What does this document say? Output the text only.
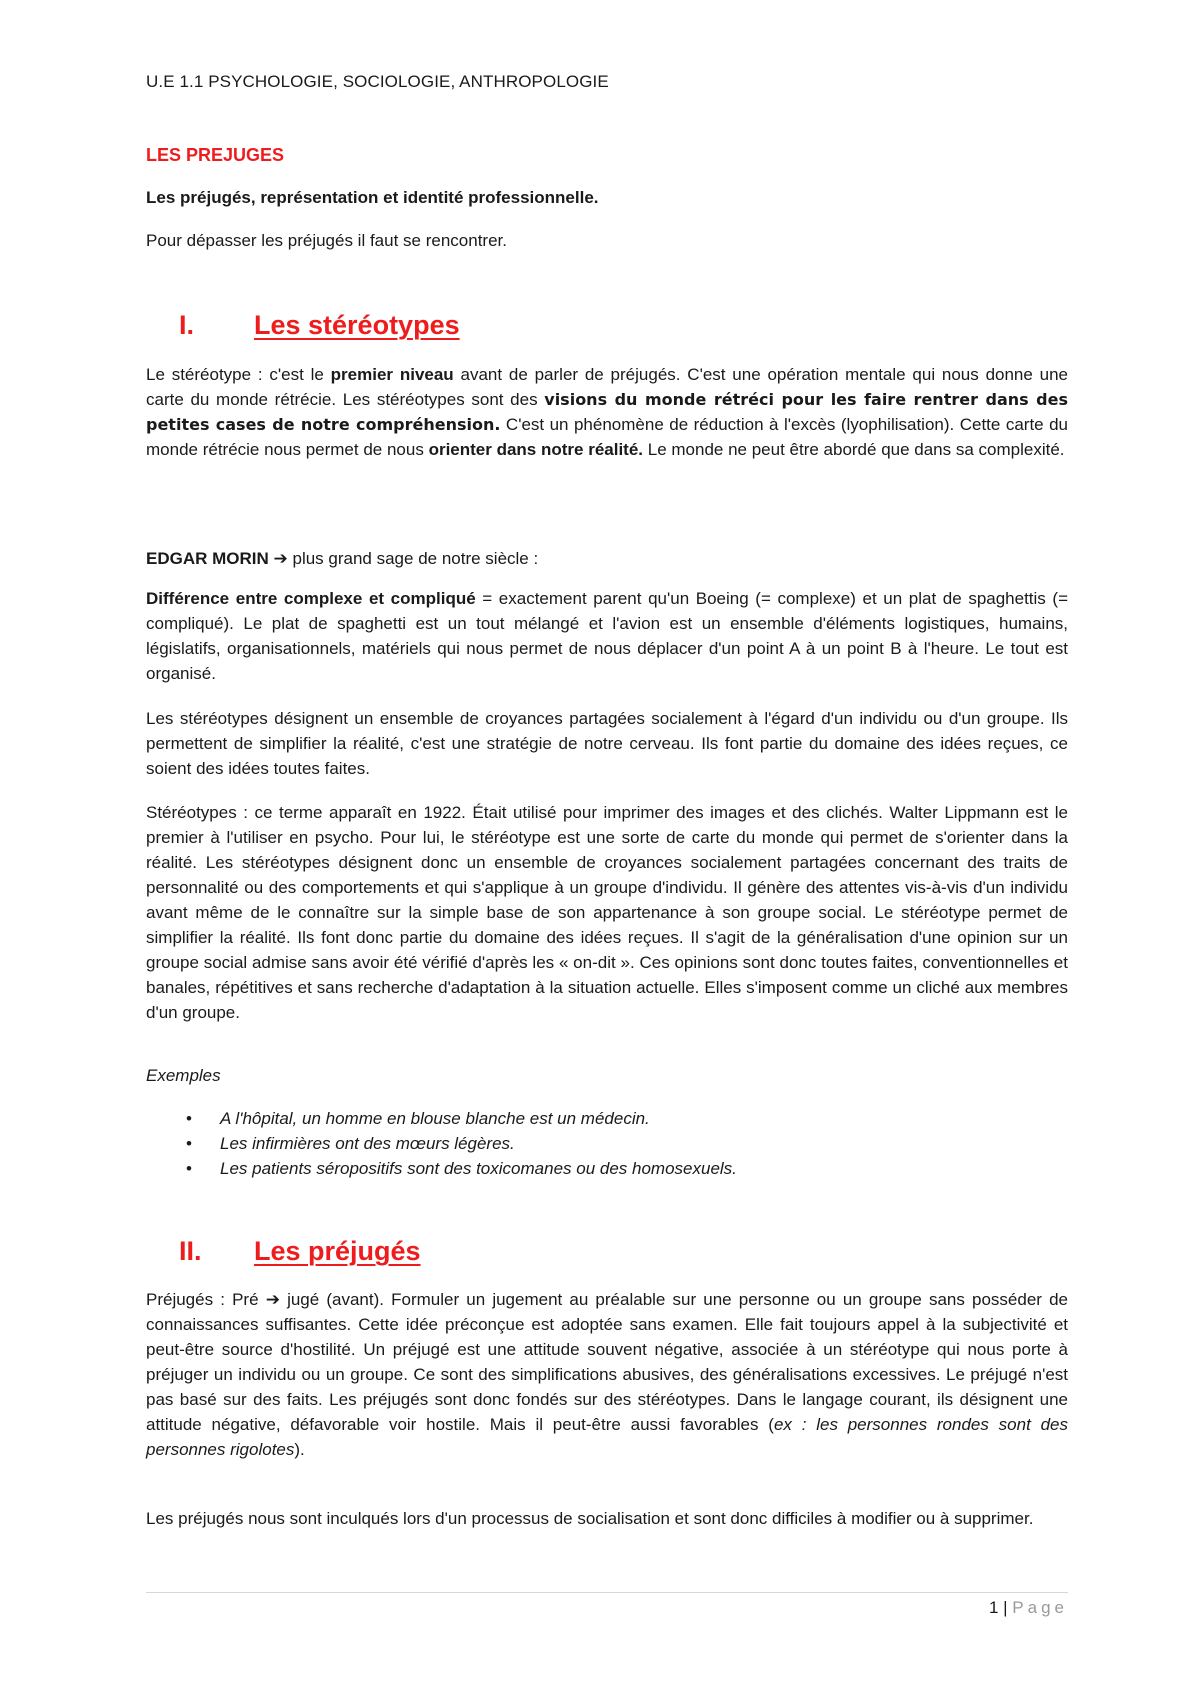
U.E 1.1 PSYCHOLOGIE, SOCIOLOGIE, ANTHROPOLOGIE
LES PREJUGES
Les préjugés, représentation et identité professionnelle.
Pour dépasser les préjugés il faut se rencontrer.
I. Les stéréotypes
Le stéréotype : c'est le premier niveau avant de parler de préjugés. C'est une opération mentale qui nous donne une carte du monde rétrécie. Les stéréotypes sont des visions du monde rétréci pour les faire rentrer dans des petites cases de notre compréhension. C'est un phénomène de réduction à l'excès (lyophilisation). Cette carte du monde rétrécie nous permet de nous orienter dans notre réalité. Le monde ne peut être abordé que dans sa complexité.
EDGAR MORIN ➔ plus grand sage de notre siècle :
Différence entre complexe et compliqué = exactement parent qu'un Boeing (= complexe) et un plat de spaghettis (= compliqué). Le plat de spaghetti est un tout mélangé et l'avion est un ensemble d'éléments logistiques, humains, législatifs, organisationnels, matériels qui nous permet de nous déplacer d'un point A à un point B à l'heure. Le tout est organisé.
Les stéréotypes désignent un ensemble de croyances partagées socialement à l'égard d'un individu ou d'un groupe. Ils permettent de simplifier la réalité, c'est une stratégie de notre cerveau. Ils font partie du domaine des idées reçues, ce soient des idées toutes faites.
Stéréotypes : ce terme apparaît en 1922. Était utilisé pour imprimer des images et des clichés. Walter Lippmann est le premier à l'utiliser en psycho. Pour lui, le stéréotype est une sorte de carte du monde qui permet de s'orienter dans la réalité. Les stéréotypes désignent donc un ensemble de croyances socialement partagées concernant des traits de personnalité ou des comportements et qui s'applique à un groupe d'individu. Il génère des attentes vis-à-vis d'un individu avant même de le connaître sur la simple base de son appartenance à son groupe social. Le stéréotype permet de simplifier la réalité. Ils font donc partie du domaine des idées reçues. Il s'agit de la généralisation d'une opinion sur un groupe social admise sans avoir été vérifié d'après les « on-dit ». Ces opinions sont donc toutes faites, conventionnelles et banales, répétitives et sans recherche d'adaptation à la situation actuelle. Elles s'imposent comme un cliché aux membres d'un groupe.
Exemples
• A l'hôpital, un homme en blouse blanche est un médecin.
• Les infirmières ont des mœurs légères.
• Les patients séropositifs sont des toxicomanes ou des homosexuels.
II. Les préjugés
Préjugés : Pré ➔ jugé (avant). Formuler un jugement au préalable sur une personne ou un groupe sans posséder de connaissances suffisantes. Cette idée préconçue est adoptée sans examen. Elle fait toujours appel à la subjectivité et peut-être source d'hostilité. Un préjugé est une attitude souvent négative, associée à un stéréotype qui nous porte à préjuger un individu ou un groupe. Ce sont des simplifications abusives, des généralisations excessives. Le préjugé n'est pas basé sur des faits. Les préjugés sont donc fondés sur des stéréotypes. Dans le langage courant, ils désignent une attitude négative, défavorable voir hostile. Mais il peut-être aussi favorables (ex : les personnes rondes sont des personnes rigolotes).
Les préjugés nous sont inculqués lors d'un processus de socialisation et sont donc difficiles à modifier ou à supprimer.
1 | Page
